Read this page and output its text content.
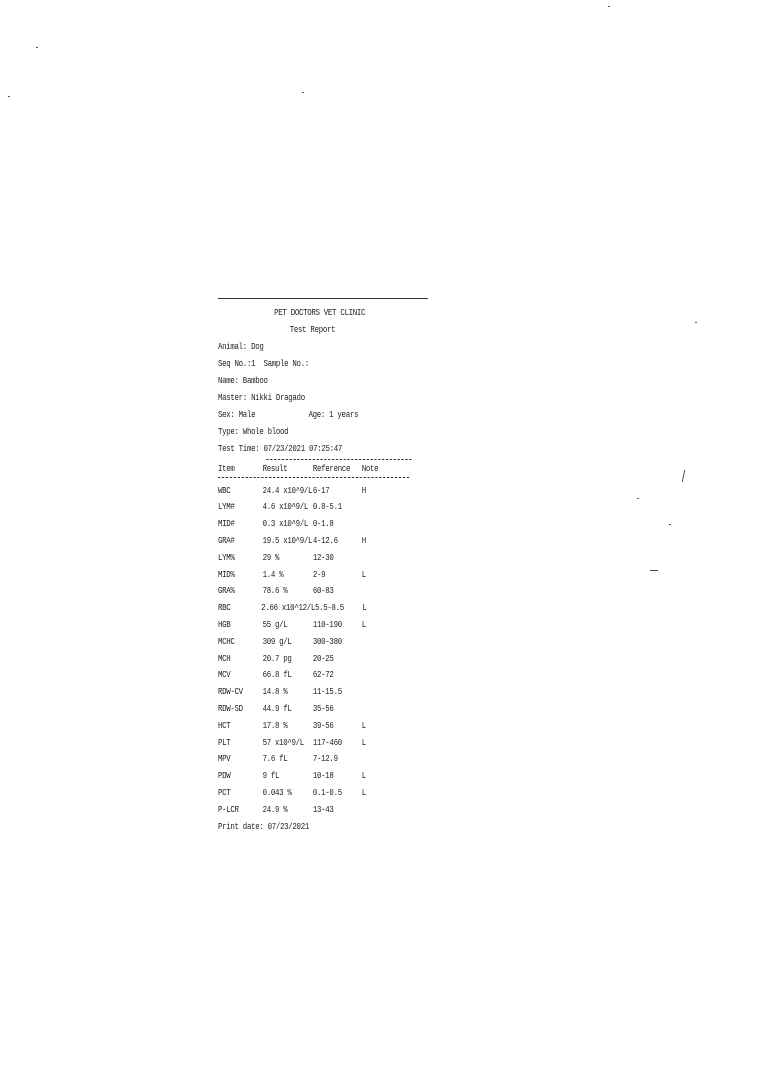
PET DOCTORS VET CLINIC
Test Report
Animal: Dog
Seq No.:1  Sample No.:
Name: Bamboo
Master: Nikki Dragado
Sex: Male	Age: 1 years
Type: Whole blood
Test Time: 07/23/2021 07:25:47
Item	Result	Reference	Note
WBC	24.4 x10^9/L 6-17	H
LYM#	4.6 x10^9/L 0.8-5.1
MID#	0.3 x10^9/L 0-1.8
GRA#	19.5 x10^9/L 4-12.6	H
LYM%	29 %	12-30
MID%	1.4 %	2-9	L
GRA%	78.6 %	60-83
RBC	2.66 x10^12/L 5.5-8.5	L
HGB	55 g/L	110-190	L
MCHC	309 g/L	300-380
MCH	20.7 pg	20-25
MCV	66.8 fL	62-72
RDW-CV	14.8 %	11-15.5
RDW-SD	44.9 fL	35-56
HCT	17.8 %	39-56	L
PLT	57 x10^9/L 117-460	L
MPV	7.6 fL	7-12.9
PDW	9 fL	10-18	L
PCT	0.043 %	0.1-0.5	L
P-LCR	24.9 %	13-43
Print date: 07/23/2021
